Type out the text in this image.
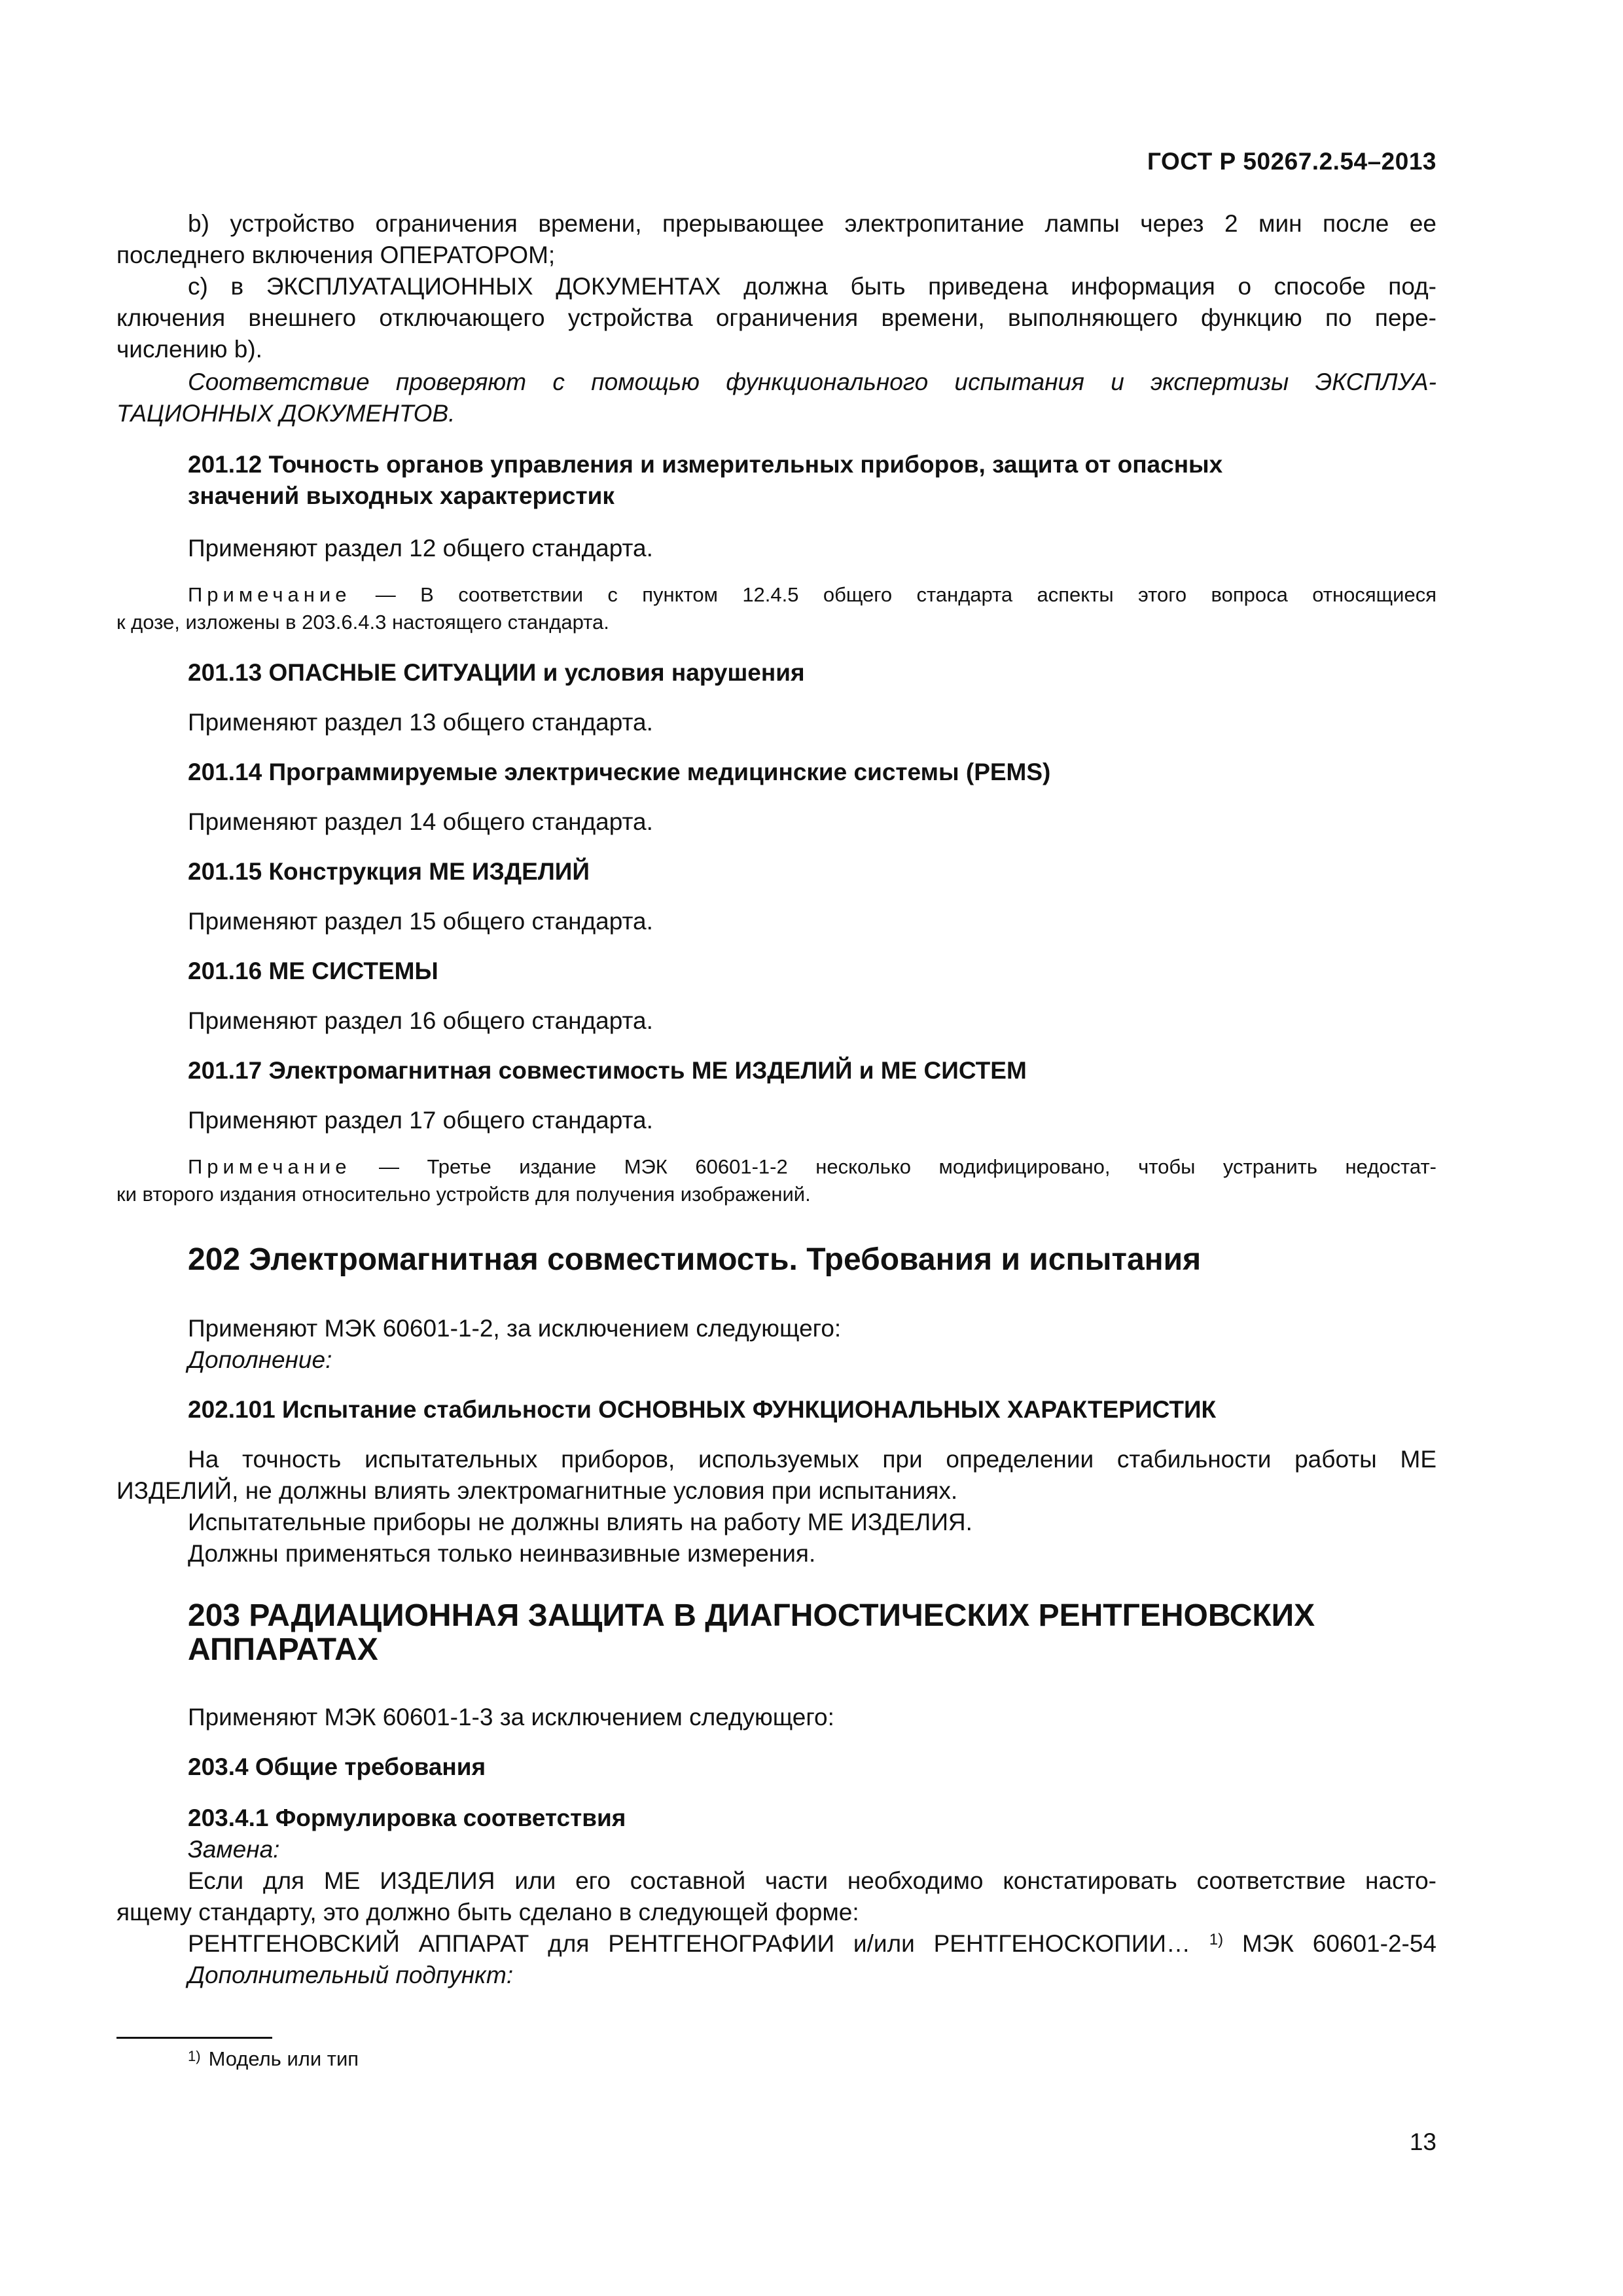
ГОСТ Р 50267.2.54–2013
b) устройство ограничения времени, прерывающее электропитание лампы через 2 мин после ее
последнего включения ОПЕРАТОРОМ;
c) в ЭКСПЛУАТАЦИОННЫХ ДОКУМЕНТАХ должна быть приведена информация о способе под-
ключения внешнего отключающего устройства ограничения времени, выполняющего функцию по пере-
числению b).
Соответствие проверяют с помощью функционального испытания и экспертизы ЭКСПЛУА-
ТАЦИОННЫХ ДОКУМЕНТОВ.
201.12 Точность органов управления и измерительных приборов, защита от опасных
значений выходных характеристик
Применяют раздел 12 общего стандарта.
Примечание — В соответствии с пунктом 12.4.5 общего стандарта аспекты этого вопроса относящиеся
к дозе, изложены в 203.6.4.3 настоящего стандарта.
201.13 ОПАСНЫЕ СИТУАЦИИ и условия нарушения
Применяют раздел 13 общего стандарта.
201.14 Программируемые электрические медицинские системы (PEMS)
Применяют раздел 14 общего стандарта.
201.15 Конструкция МЕ ИЗДЕЛИЙ
Применяют раздел 15 общего стандарта.
201.16 МЕ СИСТЕМЫ
Применяют раздел 16 общего стандарта.
201.17 Электромагнитная совместимость МЕ ИЗДЕЛИЙ и МЕ СИСТЕМ
Применяют раздел 17 общего стандарта.
Примечание — Третье издание МЭК 60601-1-2 несколько модифицировано, чтобы устранить недостат-
ки второго издания относительно устройств для получения изображений.
202 Электромагнитная совместимость. Требования и испытания
Применяют МЭК 60601-1-2, за исключением следующего:
Дополнение:
202.101 Испытание стабильности ОСНОВНЫХ ФУНКЦИОНАЛЬНЫХ ХАРАКТЕРИСТИК
На точность испытательных приборов, используемых при определении стабильности работы МЕ
ИЗДЕЛИЙ, не должны влиять электромагнитные условия при испытаниях.
Испытательные приборы не должны влиять на работу МЕ ИЗДЕЛИЯ.
Должны применяться только неинвазивные измерения.
203 РАДИАЦИОННАЯ ЗАЩИТА В ДИАГНОСТИЧЕСКИХ РЕНТГЕНОВСКИХ
АППАРАТАХ
Применяют МЭК 60601-1-3 за исключением следующего:
203.4 Общие требования
203.4.1 Формулировка соответствия
Замена:
Если для МЕ ИЗДЕЛИЯ или его составной части необходимо констатировать соответствие насто-
ящему стандарту, это должно быть сделано в следующей форме:
РЕНТГЕНОВСКИЙ АППАРАТ для РЕНТГЕНОГРАФИИ и/или РЕНТГЕНОСКОПИИ… $^{1)}$ МЭК 60601-2-54
Дополнительный подпункт:
$^{1)}$ Модель или тип
13
